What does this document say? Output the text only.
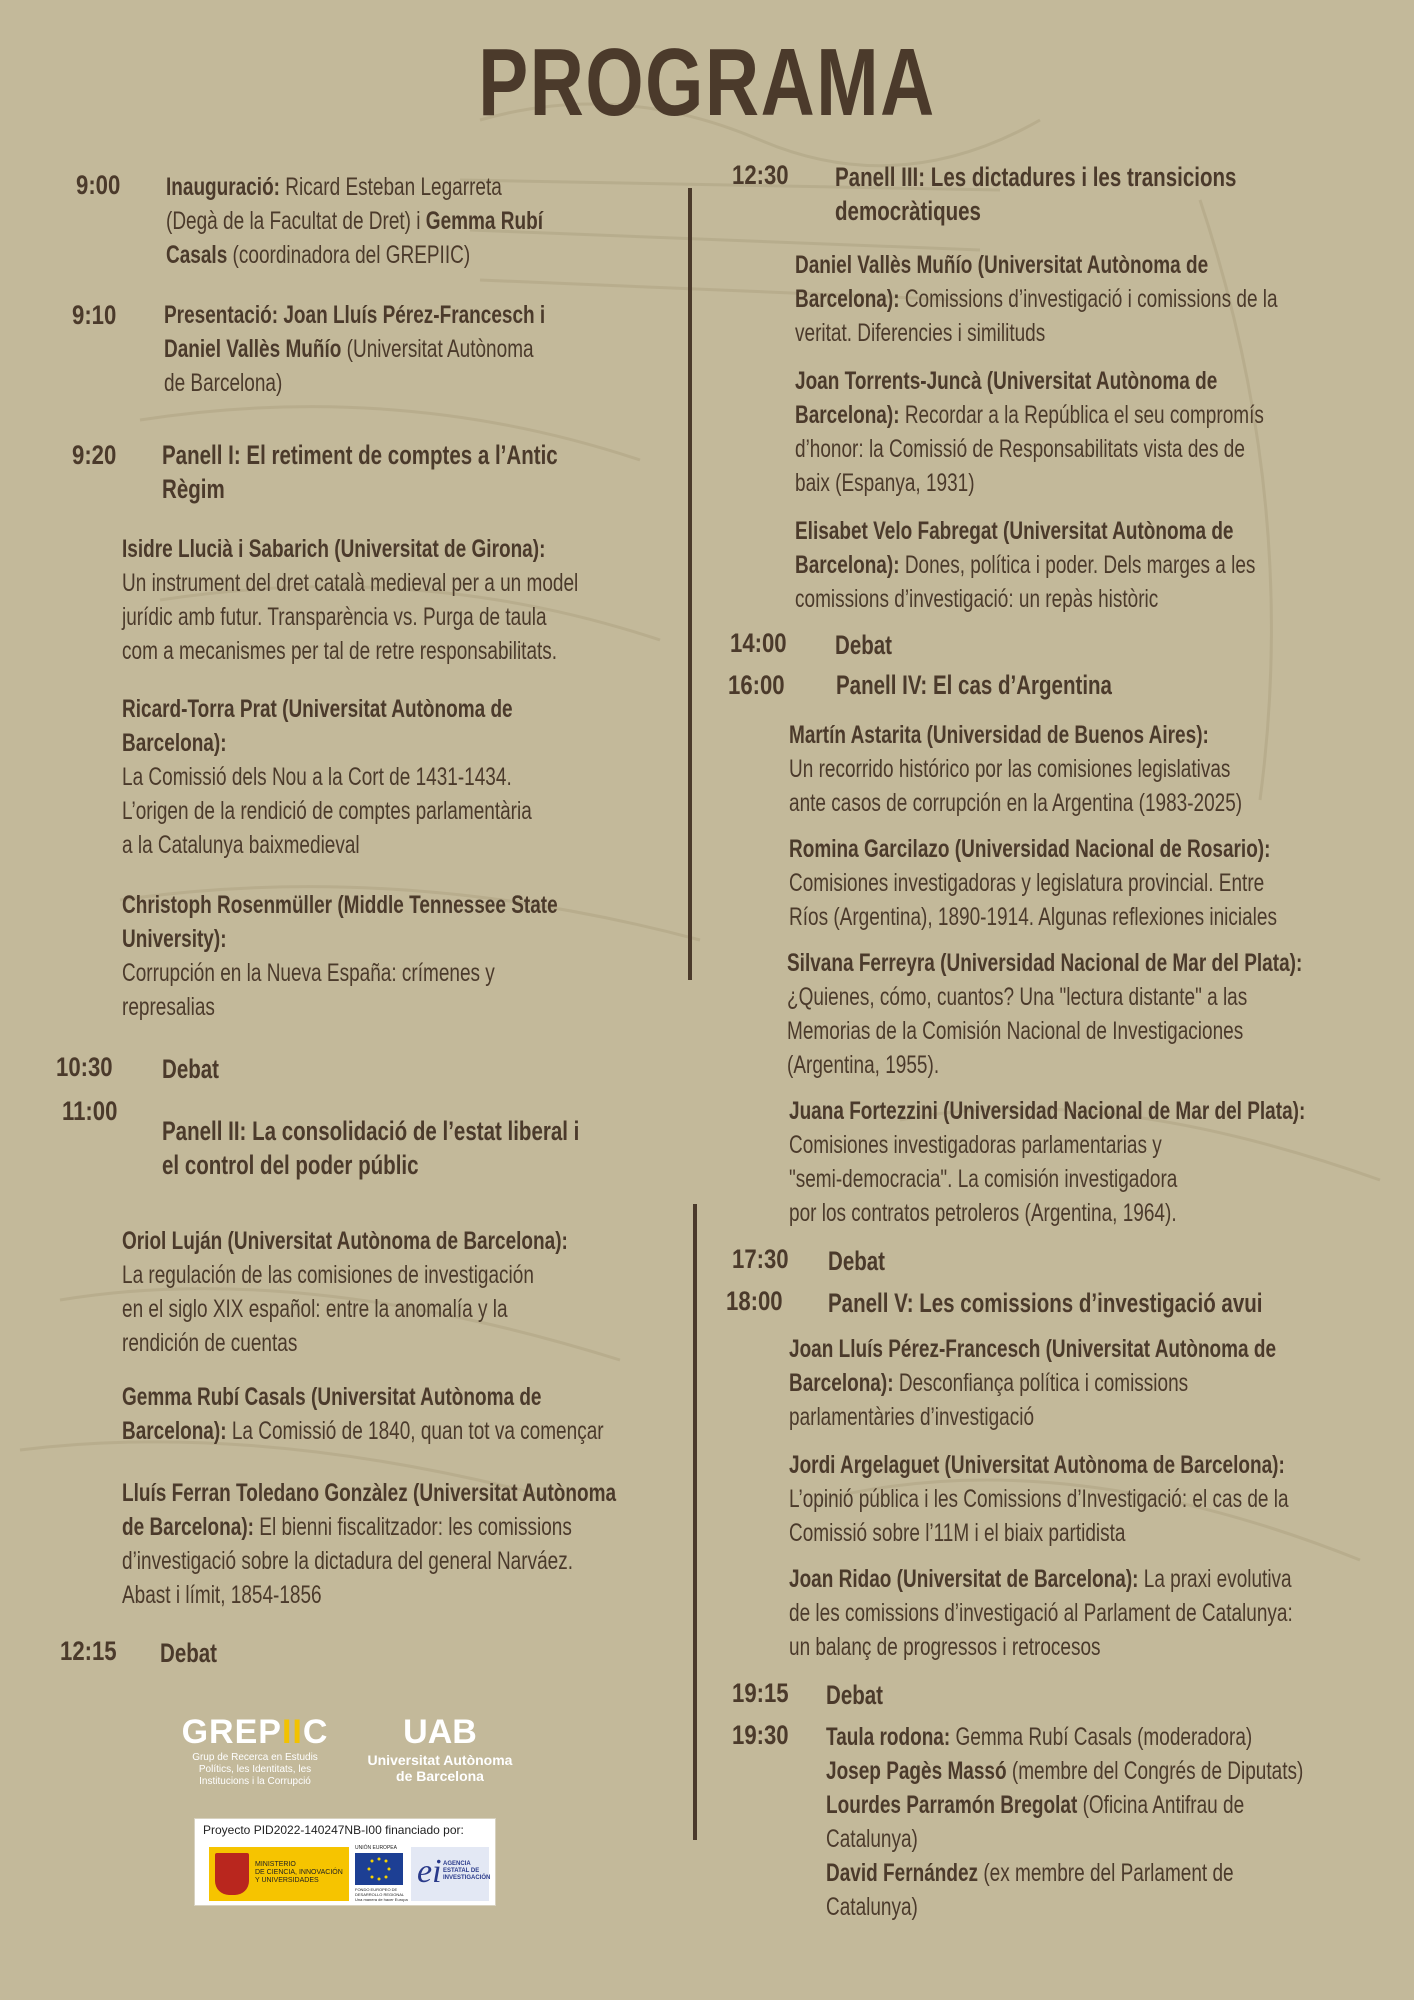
PROGRAMA
9:00 Inauguració: Ricard Esteban Legarreta
(Degà de la Facultat de Dret) i Gemma Rubí
Casals (coordinadora del GREPIIC)
9:10 Presentació: Joan Lluís Pérez-Francesch i
Daniel Vallès Muñío (Universitat Autònoma
de Barcelona)
9:20 Panell I: El retiment de comptes a l’Antic
Règim
Isidre Llucià i Sabarich (Universitat de Girona):
Un instrument del dret català medieval per a un model
jurídic amb futur. Transparència vs. Purga de taula
com a mecanismes per tal de retre responsabilitats.
Ricard-Torra Prat (Universitat Autònoma de
Barcelona):
La Comissió dels Nou a la Cort de 1431-1434.
L’origen de la rendició de comptes parlamentària
a la Catalunya baixmedieval
Christoph Rosenmüller (Middle Tennessee State
University):
Corrupción en la Nueva España: crímenes y
represalias
10:30 Debat
11:00
Panell II: La consolidació de l’estat liberal i
el control del poder públic
Oriol Luján (Universitat Autònoma de Barcelona):
La regulación de las comisiones de investigación
en el siglo XIX español: entre la anomalía y la
rendición de cuentas
Gemma Rubí Casals (Universitat Autònoma de
Barcelona): La Comissió de 1840, quan tot va començar
Lluís Ferran Toledano Gonzàlez (Universitat Autònoma
de Barcelona): El bienni fiscalitzador: les comissions
d’investigació sobre la dictadura del general Narváez.
Abast i límit, 1854-1856
12:15 Debat
12:30 Panell III: Les dictadures i les transicions
democràtiques
Daniel Vallès Muñío (Universitat Autònoma de
Barcelona): Comissions d’investigació i comissions de la
veritat. Diferencies i similituds
Joan Torrents-Juncà (Universitat Autònoma de
Barcelona): Recordar a la República el seu compromís
d’honor: la Comissió de Responsabilitats vista des de
baix (Espanya, 1931)
Elisabet Velo Fabregat (Universitat Autònoma de
Barcelona): Dones, política i poder. Dels marges a les
comissions d’investigació: un repàs històric
14:00 Debat
16:00 Panell IV: El cas d’Argentina
Martín Astarita (Universidad de Buenos Aires):
Un recorrido histórico por las comisiones legislativas
ante casos de corrupción en la Argentina (1983-2025)
Romina Garcilazo (Universidad Nacional de Rosario):
Comisiones investigadoras y legislatura provincial. Entre
Ríos (Argentina), 1890-1914. Algunas reflexiones iniciales
Silvana Ferreyra (Universidad Nacional de Mar del Plata):
¿Quienes, cómo, cuantos? Una "lectura distante" a las
Memorias de la Comisión Nacional de Investigaciones
(Argentina, 1955).
Juana Fortezzini (Universidad Nacional de Mar del Plata):
Comisiones investigadoras parlamentarias y
"semi-democracia". La comisión investigadora
por los contratos petroleros (Argentina, 1964).
17:30 Debat
18:00 Panell V: Les comissions d’investigació avui
Joan Lluís Pérez-Francesch (Universitat Autònoma de
Barcelona): Desconfiança política i comissions
parlamentàries d’investigació
Jordi Argelaguet (Universitat Autònoma de Barcelona):
L’opinió pública i les Comissions d’Investigació: el cas de la
Comissió sobre l’11M i el biaix partidista
Joan Ridao (Universitat de Barcelona): La praxi evolutiva
de les comissions d’investigació al Parlament de Catalunya:
un balanç de progressos i retrocesos
19:15 Debat
19:30 Taula rodona: Gemma Rubí Casals (moderadora)
Josep Pagès Massó (membre del Congrés de Diputats)
Lourdes Parramón Bregolat (Oficina Antifrau de
Catalunya)
David Fernández (ex membre del Parlament de
Catalunya)
GREPIIC
Grup de Recerca en Estudis
Polítics, les Identitats, les
Institucions i la Corrupció
UAB
Universitat Autònoma
de Barcelona
Proyecto PID2022-140247NB-I00 financiado por:
MINISTERIO
DE CIENCIA, INNOVACIÓN
Y UNIVERSIDADES
UNIÓN EUROPEA
FONDO EUROPEO DE
DESARROLLO REGIONAL
Una manera de hacer Europa
ei AGENCIA
ESTATAL DE
INVESTIGACIÓN
